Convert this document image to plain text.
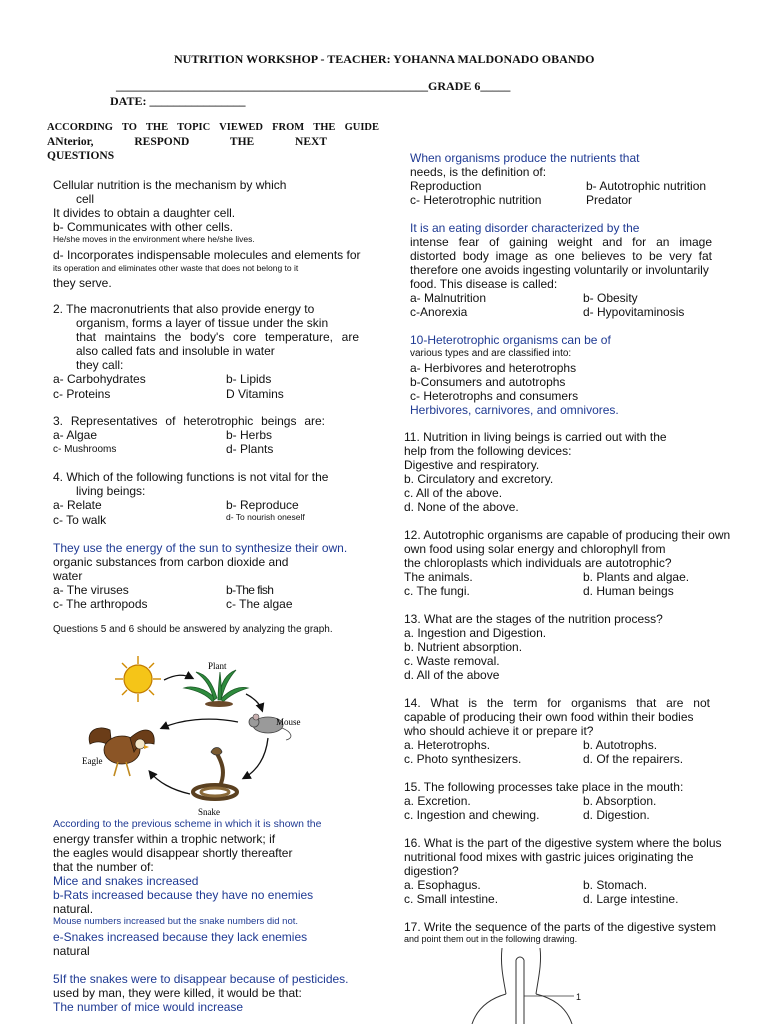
NUTRITION WORKSHOP - TEACHER: YOHANNA MALDONADO OBANDO
____________________________________________________GRADE 6_____
DATE: ________________
ACCORDING TO THE TOPIC VIEWED FROM THE GUIDE
ANterior, RESPOND THE NEXT
QUESTIONS
Cellular nutrition is the mechanism by which
cell
It divides to obtain a daughter cell.
b- Communicates with other cells.
He/she moves in the environment where he/she lives.
d- Incorporates indispensable molecules and elements for
its operation and eliminates other waste that does not belong to it
they serve.
2. The macronutrients that also provide energy to
organism, forms a layer of tissue under the skin
that maintains the body's core temperature, are
also called fats and insoluble in water
they call:
a- Carbohydrates	b- Lipids
c- Proteins	D Vitamins
3. Representatives of heterotrophic beings are:
a- Algae	b- Herbs
c- Mushrooms	d- Plants
4. Which of the following functions is not vital for the
living beings:
a- Relate	b- Reproduce
c- To walk	d- To nourish oneself
They use the energy of the sun to synthesize their own.
organic substances from carbon dioxide and
water
a- The viruses	b-The fish
c- The arthropods	c- The algae
Questions 5 and 6 should be answered by analyzing the graph.
Plant
Mouse
Snake
Eagle
According to the previous scheme in which it is shown the
energy transfer within a trophic network; if
the eagles would disappear shortly thereafter
that the number of:
Mice and snakes increased
b-Rats increased because they have no enemies
natural.
Mouse numbers increased but the snake numbers did not.
e-Snakes increased because they lack enemies
natural
5If the snakes were to disappear because of pesticides.
used by man, they were killed, it would be that:
The number of mice would increase
When organisms produce the nutrients that
needs, is the definition of:
Reproduction	b- Autotrophic nutrition
c- Heterotrophic nutrition	Predator
It is an eating disorder characterized by the
intense fear of gaining weight and for an image
distorted body image as one believes to be very fat
therefore one avoids ingesting voluntarily or involuntarily
food. This disease is called:
a- Malnutrition	b- Obesity
c-Anorexia	d- Hypovitaminosis
10-Heterotrophic organisms can be of
various types and are classified into:
a- Herbivores and heterotrophs
b-Consumers and autotrophs
c- Heterotrophs and consumers
Herbivores, carnivores, and omnivores.
11. Nutrition in living beings is carried out with the
help from the following devices:
Digestive and respiratory.
b. Circulatory and excretory.
c. All of the above.
d. None of the above.
12. Autotrophic organisms are capable of producing their own
own food using solar energy and chlorophyll from
the chloroplasts which individuals are autotrophic?
The animals.	b. Plants and algae.
c. The fungi.	d. Human beings
13. What are the stages of the nutrition process?
a. Ingestion and Digestion.
b. Nutrient absorption.
c. Waste removal.
d. All of the above
14. What is the term for organisms that are not
capable of producing their own food within their bodies
who should achieve it or prepare it?
a. Heterotrophs.	b. Autotrophs.
c. Photo synthesizers.	d. Of the repairers.
15. The following processes take place in the mouth:
a. Excretion.	b. Absorption.
c. Ingestion and chewing.	d. Digestion.
16. What is the part of the digestive system where the bolus
nutritional food mixes with gastric juices originating the
digestion?
a. Esophagus.	b. Stomach.
c. Small intestine.	d. Large intestine.
17. Write the sequence of the parts of the digestive system
and point them out in the following drawing.
1
